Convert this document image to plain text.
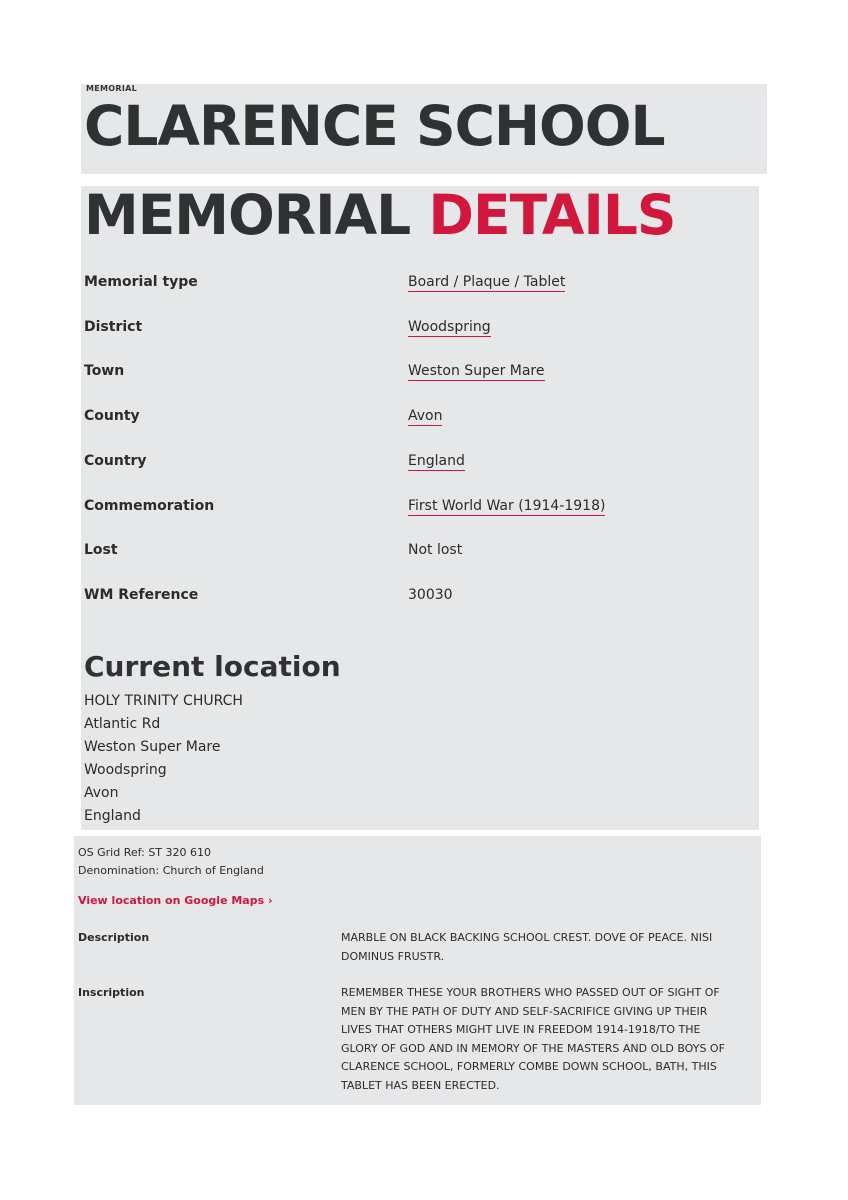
MEMORIAL
CLARENCE SCHOOL
MEMORIAL DETAILS
Memorial type	Board / Plaque / Tablet
District	Woodspring
Town	Weston Super Mare
County	Avon
Country	England
Commemoration	First World War (1914-1918)
Lost	Not lost
WM Reference	30030
Current location
HOLY TRINITY CHURCH
Atlantic Rd
Weston Super Mare
Woodspring
Avon
England
OS Grid Ref: ST 320 610
Denomination: Church of England
View location on Google Maps ›
Description	MARBLE ON BLACK BACKING SCHOOL CREST. DOVE OF PEACE. NISI DOMINUS FRUSTR.
Inscription	REMEMBER THESE YOUR BROTHERS WHO PASSED OUT OF SIGHT OF MEN BY THE PATH OF DUTY AND SELF-SACRIFICE GIVING UP THEIR LIVES THAT OTHERS MIGHT LIVE IN FREEDOM 1914-1918/TO THE GLORY OF GOD AND IN MEMORY OF THE MASTERS AND OLD BOYS OF CLARENCE SCHOOL, FORMERLY COMBE DOWN SCHOOL, BATH, THIS TABLET HAS BEEN ERECTED.
